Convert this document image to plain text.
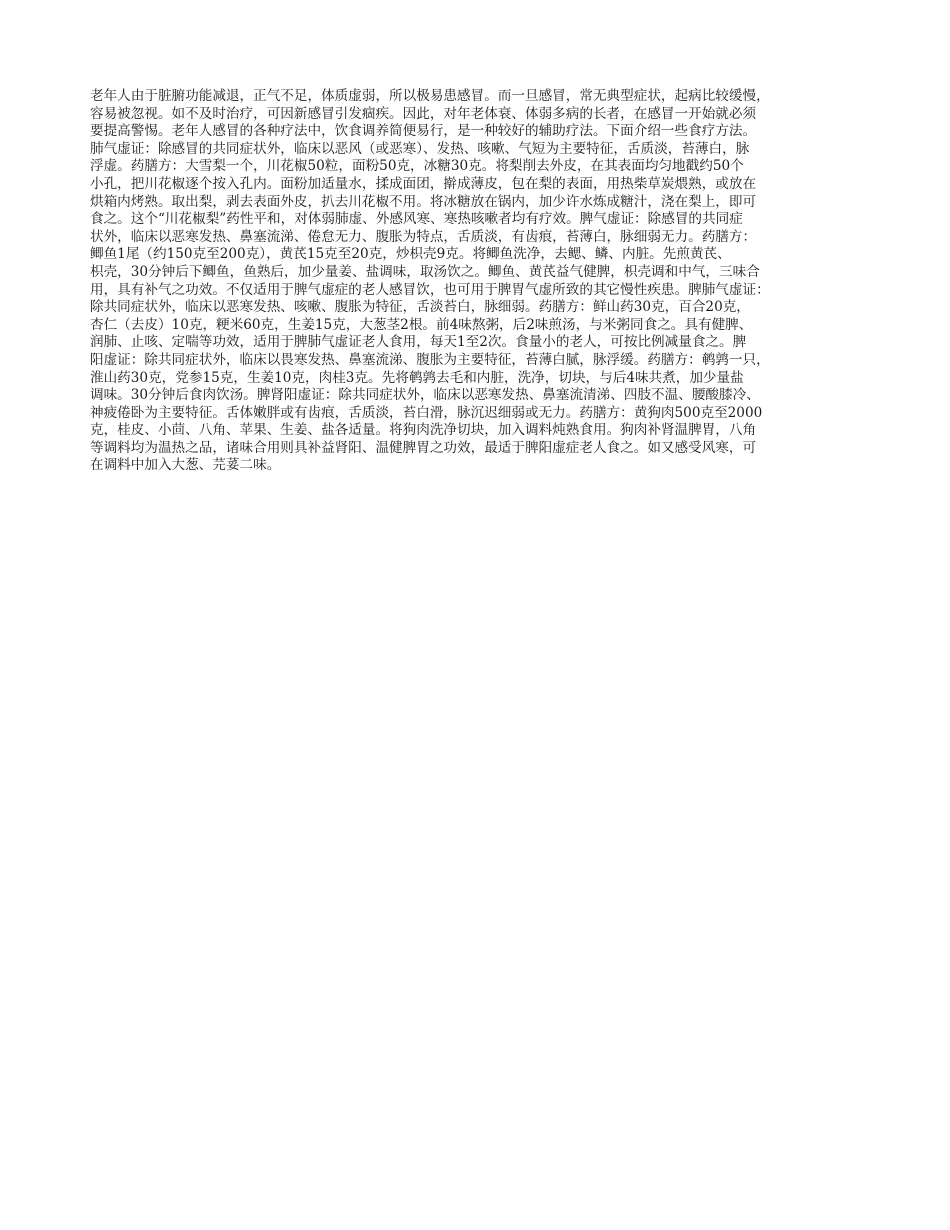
老年人由于脏腑功能减退，正气不足，体质虚弱，所以极易患感冒。而一旦感冒，常无典型症状，起病比较缓慢，
容易被忽视。如不及时治疗，可因新感冒引发痼疾。因此，对年老体衰、体弱多病的长者，在感冒一开始就必须
要提高警惕。老年人感冒的各种疗法中，饮食调养简便易行，是一种较好的辅助疗法。下面介绍一些食疗方法。
肺气虚证：除感冒的共同症状外，临床以恶风（或恶寒）、发热、咳嗽、气短为主要特征，舌质淡，苔薄白，脉
浮虚。药膳方：大雪梨一个，川花椒50粒，面粉50克，冰糖30克。将梨削去外皮，在其表面均匀地戳约50个
小孔，把川花椒逐个按入孔内。面粉加适量水，揉成面团，擀成薄皮，包在梨的表面，用热柴草炭煨熟，或放在
烘箱内烤熟。取出梨，剥去表面外皮，扒去川花椒不用。将冰糖放在锅内，加少许水炼成糖汁，浇在梨上，即可
食之。这个“川花椒梨”药性平和，对体弱肺虚、外感风寒、寒热咳嗽者均有疗效。脾气虚证：除感冒的共同症
状外，临床以恶寒发热、鼻塞流涕、倦怠无力、腹胀为特点，舌质淡，有齿痕，苔薄白，脉细弱无力。药膳方：
鲫鱼1尾（约150克至200克），黄芪15克至20克，炒枳壳9克。将鲫鱼洗净，去鳃、鳞、内脏。先煎黄芪、
枳壳，30分钟后下鲫鱼，鱼熟后，加少量姜、盐调味，取汤饮之。鲫鱼、黄芪益气健脾，枳壳调和中气，三味合
用，具有补气之功效。不仅适用于脾气虚症的老人感冒饮，也可用于脾胃气虚所致的其它慢性疾患。脾肺气虚证：
除共同症状外，临床以恶寒发热、咳嗽、腹胀为特征，舌淡苔白，脉细弱。药膳方：鲜山药30克，百合20克，
杏仁（去皮）10克，粳米60克，生姜15克，大葱茎2根。前4味熬粥，后2味煎汤，与米粥同食之。具有健脾、
润肺、止咳、定喘等功效，适用于脾肺气虚证老人食用，每天1至2次。食量小的老人，可按比例减量食之。脾
阳虚证：除共同症状外，临床以畏寒发热、鼻塞流涕、腹胀为主要特征，苔薄白腻，脉浮缓。药膳方：鹌鹑一只，
淮山药30克，党参15克，生姜10克，肉桂3克。先将鹌鹑去毛和内脏，洗净，切块，与后4味共煮，加少量盐
调味。30分钟后食肉饮汤。脾肾阳虚证：除共同症状外，临床以恶寒发热、鼻塞流清涕、四肢不温、腰酸膝冷、
神疲倦卧为主要特征。舌体嫩胖或有齿痕，舌质淡，苔白滑，脉沉迟细弱或无力。药膳方：黄狗肉500克至2000
克，桂皮、小茴、八角、苹果、生姜、盐各适量。将狗肉洗净切块，加入调料炖熟食用。狗肉补肾温脾胃，八角
等调料均为温热之品，诸味合用则具补益肾阳、温健脾胃之功效，最适于脾阳虚症老人食之。如又感受风寒，可
在调料中加入大葱、芫荽二味。
